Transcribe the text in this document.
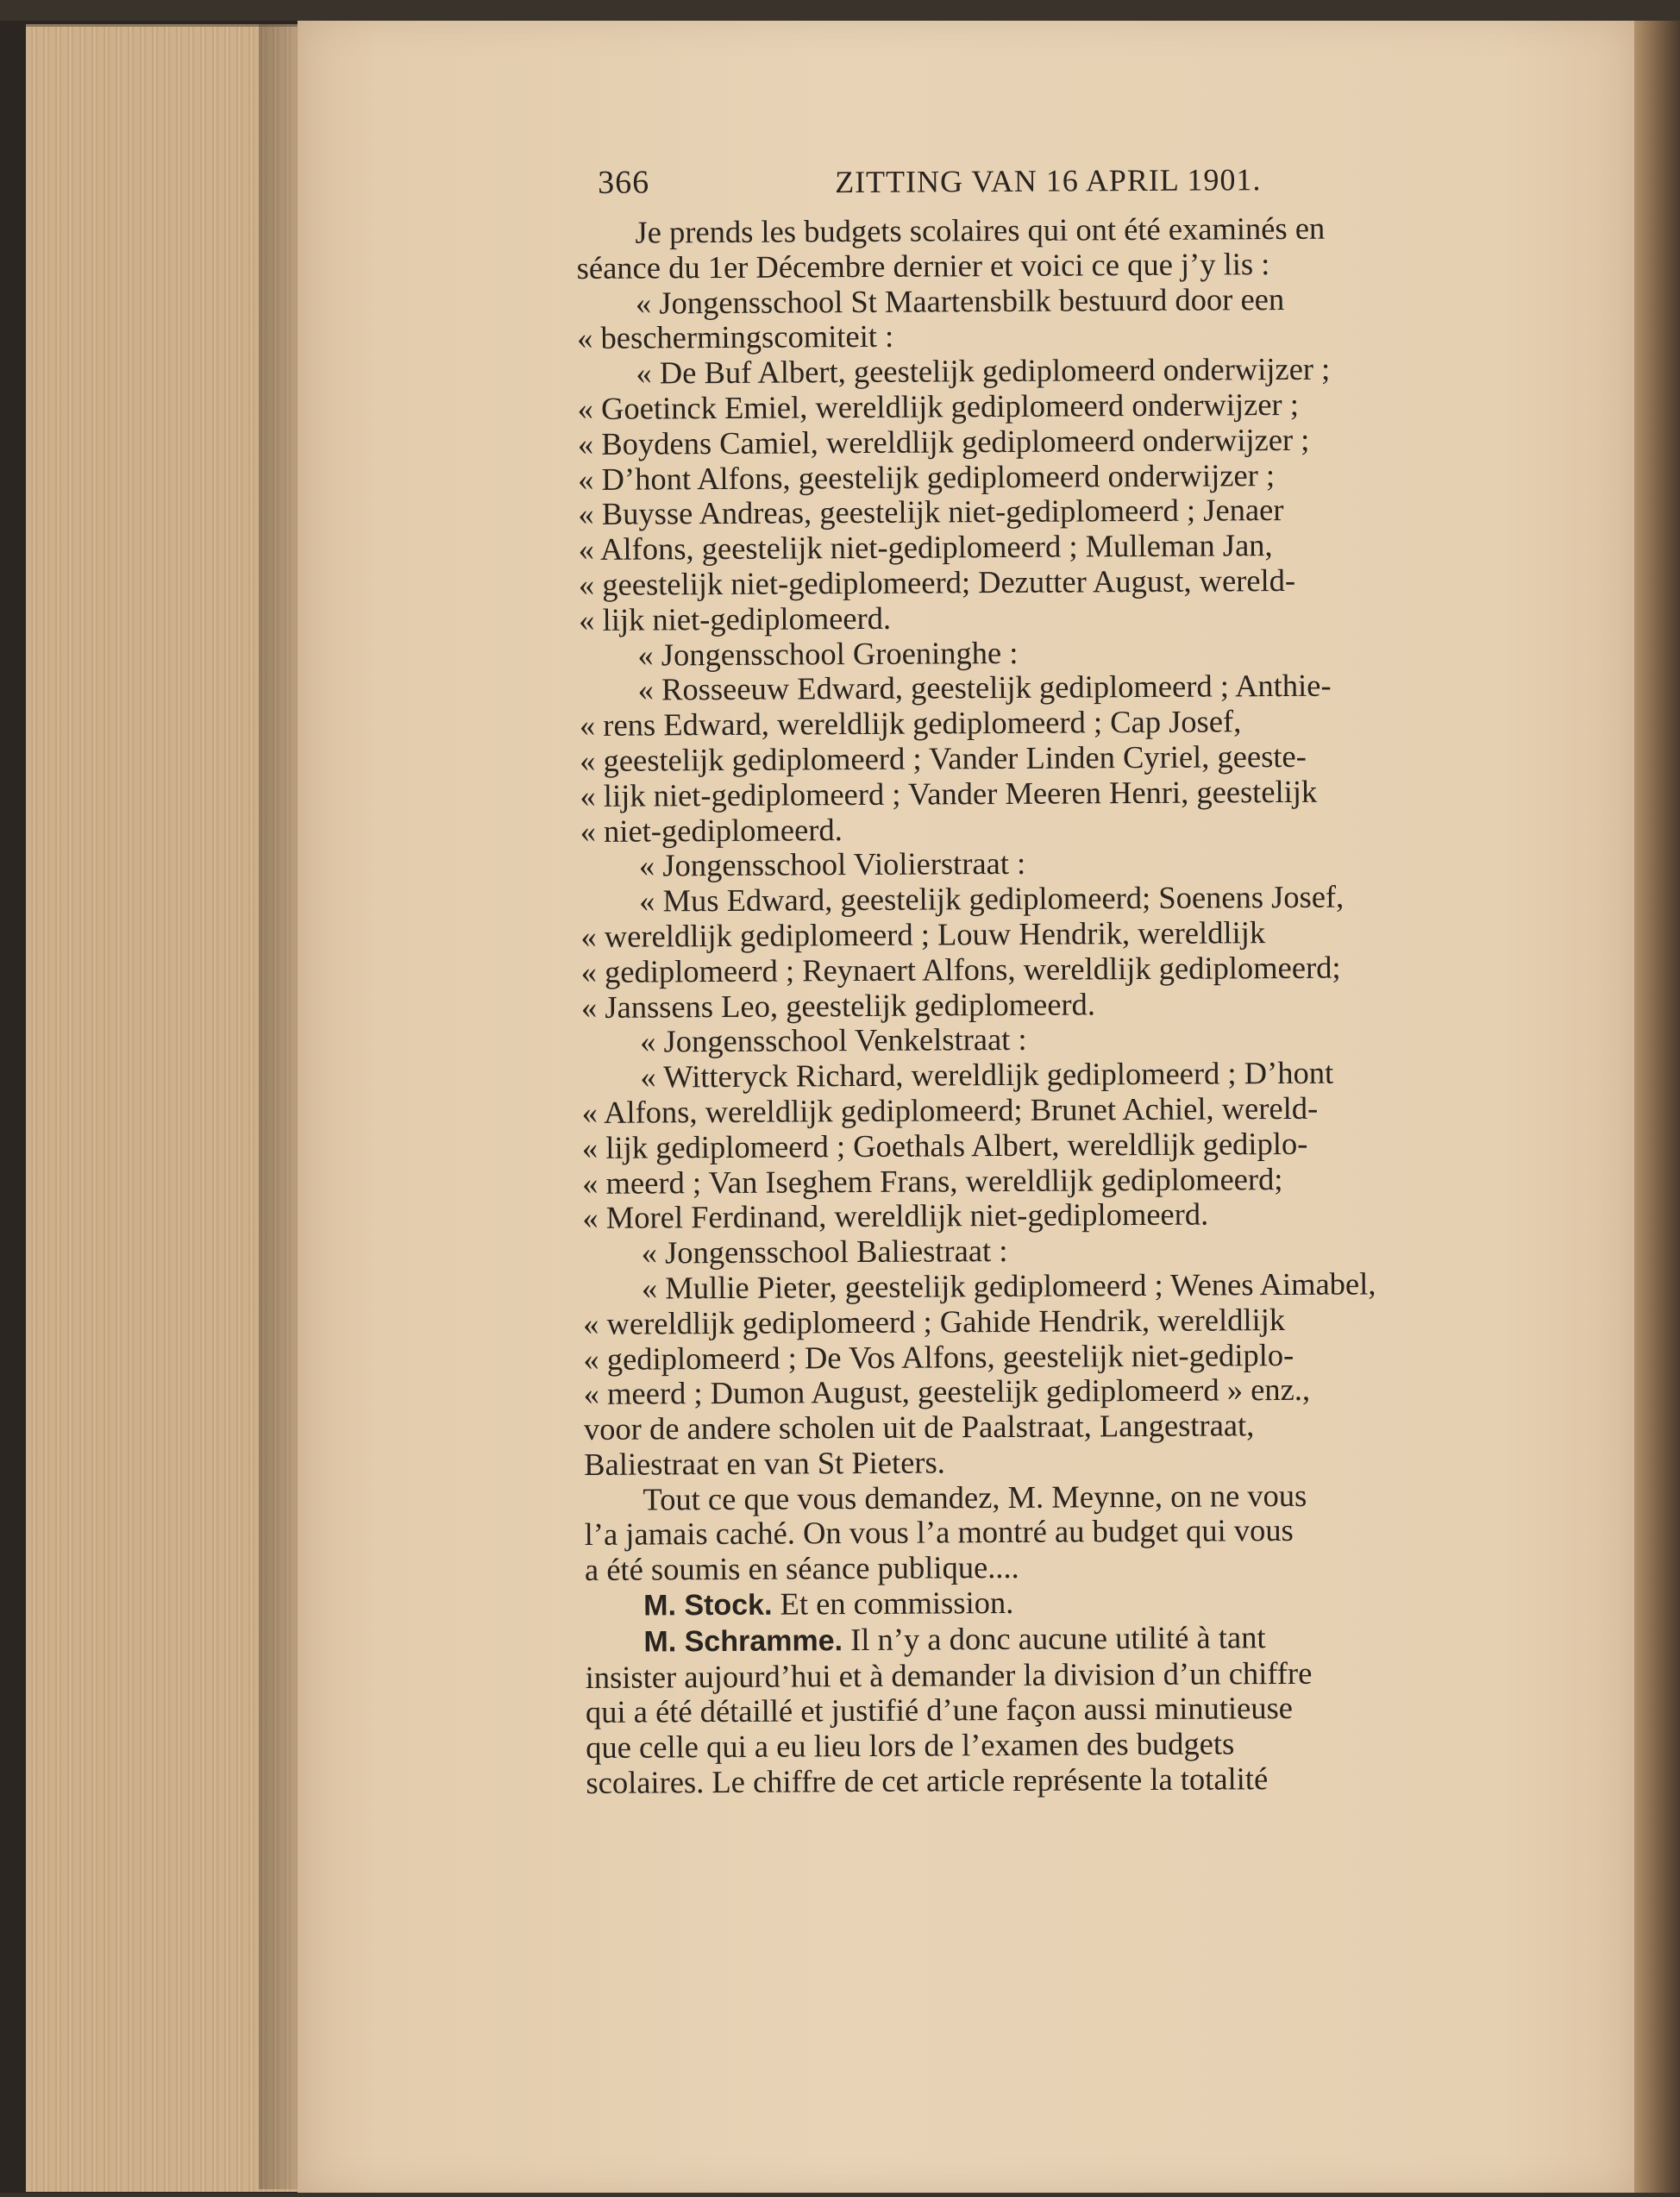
366	ZITTING VAN 16 APRIL 1901.

Je prends les budgets scolaires qui ont été examinés en

séance du 1er Décembre dernier et voici ce que j’y lis :

« Jongensschool St Maartensbilk bestuurd door een

« beschermingscomiteit :

« De Buf Albert, geestelijk gediplomeerd onderwijzer ;

« Goetinck Emiel, wereldlijk gediplomeerd onderwijzer ;

« Boydens Camiel, wereldlijk gediplomeerd onderwijzer ;

« D’hont Alfons, geestelijk gediplomeerd onderwijzer ;

« Buysse Andreas, geestelijk niet-gediplomeerd ; Jenaer

« Alfons, geestelijk niet-gediplomeerd ; Mulleman Jan,

« geestelijk niet-gediplomeerd; Dezutter August, wereld-

« lijk niet-gediplomeerd.

« Jongensschool Groeninghe :

« Rosseeuw Edward, geestelijk gediplomeerd ; Anthie-

« rens Edward, wereldlijk gediplomeerd ; Cap Josef,

« geestelijk gediplomeerd ; Vander Linden Cyriel, geeste-

« lijk niet-gediplomeerd ; Vander Meeren Henri, geestelijk

« niet-gediplomeerd.

« Jongensschool Violierstraat :

« Mus Edward, geestelijk gediplomeerd; Soenens Josef,

« wereldlijk gediplomeerd ; Louw Hendrik, wereldlijk

« gediplomeerd ; Reynaert Alfons, wereldlijk gediplomeerd;

« Janssens Leo, geestelijk gediplomeerd.

« Jongensschool Venkelstraat :

« Witteryck Richard, wereldlijk gediplomeerd ; D’hont

« Alfons, wereldlijk gediplomeerd; Brunet Achiel, wereld-

« lijk gediplomeerd ; Goethals Albert, wereldlijk gediplo-

« meerd ; Van Iseghem Frans, wereldlijk gediplomeerd;

« Morel Ferdinand, wereldlijk niet-gediplomeerd.

« Jongensschool Baliestraat :

« Mullie Pieter, geestelijk gediplomeerd ; Wenes Aimabel,

« wereldlijk gediplomeerd ; Gahide Hendrik, wereldlijk

« gediplomeerd ; De Vos Alfons, geestelijk niet-gediplo-

« meerd ; Dumon August, geestelijk gediplomeerd » enz.,

voor de andere scholen uit de Paalstraat, Langestraat,

Baliestraat en van St Pieters.

Tout ce que vous demandez, M. Meynne, on ne vous

l’a jamais caché. On vous l’a montré au budget qui vous

a été soumis en séance publique....

M. Stock. Et en commission.

M. Schramme. Il n’y a donc aucune utilité à tant

insister aujourd’hui et à demander la division d’un chiffre

qui a été détaillé et justifié d’une façon aussi minutieuse

que celle qui a eu lieu lors de l’examen des budgets

scolaires. Le chiffre de cet article représente la totalité
